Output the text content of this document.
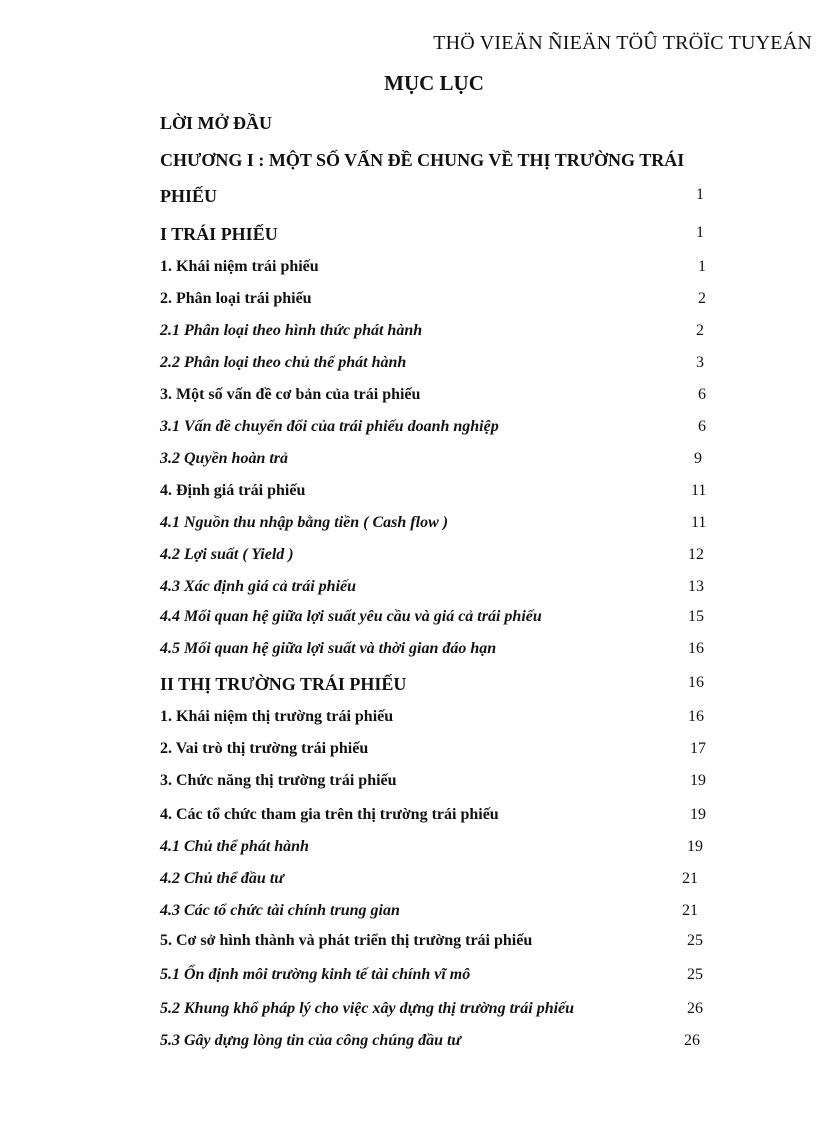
THÖ VIEÄN ÑIEÄN TÖÛ TRÖÏC TUYEÁN
MỤC LỤC
LỜI MỞ ĐẦU
CHƯƠNG I : MỘT SỐ VẤN ĐỀ CHUNG VỀ THỊ TRƯỜNG TRÁI
PHIẾU	1
I TRÁI PHIẾU	1
1. Khái niệm trái phiếu	1
2. Phân loại trái phiếu	2
2.1 Phân loại theo hình thức phát hành	2
2.2 Phân loại theo chủ thể phát hành	3
3. Một số vấn đề cơ bản của trái phiếu	6
3.1 Vấn đề chuyển đổi của trái phiếu doanh nghiệp	6
3.2 Quyền hoàn trả	9
4. Định giá trái phiếu	11
4.1 Nguồn thu nhập bằng tiền ( Cash flow )	11
4.2 Lợi suất ( Yield )	12
4.3 Xác định giá cả trái phiếu	13
4.4 Mối quan hệ giữa lợi suất yêu cầu và giá cả trái phiếu	15
4.5 Mối quan hệ giữa lợi suất và thời gian đáo hạn	16
II THỊ TRƯỜNG TRÁI PHIẾU	16
1. Khái niệm thị trường trái phiếu	16
2. Vai trò thị trường trái phiếu	17
3. Chức năng thị trường trái phiếu	19
4. Các tổ chức tham gia trên thị trường trái phiếu	19
4.1 Chủ thể phát hành	19
4.2 Chủ thể đầu tư	21
4.3 Các tổ chức tài chính trung gian	21
5. Cơ sở hình thành và phát triển thị trường trái phiếu	25
5.1 Ổn định môi trường kinh tế tài chính vĩ mô	25
5.2 Khung khổ pháp lý cho việc xây dựng thị trường trái phiếu	26
5.3 Gây dựng lòng tin của công chúng đầu tư	26
